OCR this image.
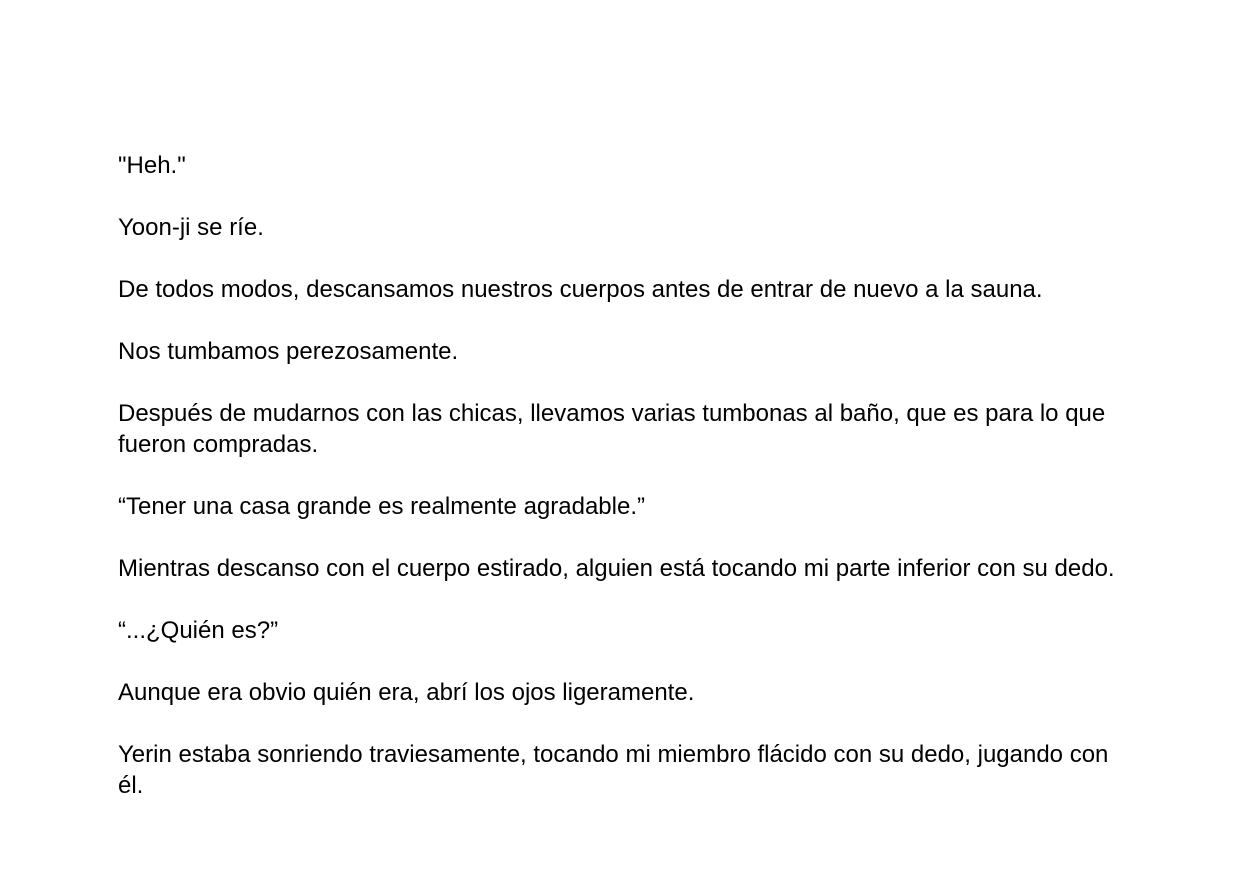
"Heh."

Yoon-ji se ríe.

De todos modos, descansamos nuestros cuerpos antes de entrar de nuevo a la sauna.

Nos tumbamos perezosamente.

Después de mudarnos con las chicas, llevamos varias tumbonas al baño, que es para lo que fueron compradas.

“Tener una casa grande es realmente agradable.”

Mientras descanso con el cuerpo estirado, alguien está tocando mi parte inferior con su dedo.

“...¿Quién es?”

Aunque era obvio quién era, abrí los ojos ligeramente.

Yerin estaba sonriendo traviesamente, tocando mi miembro flácido con su dedo, jugando con él.
